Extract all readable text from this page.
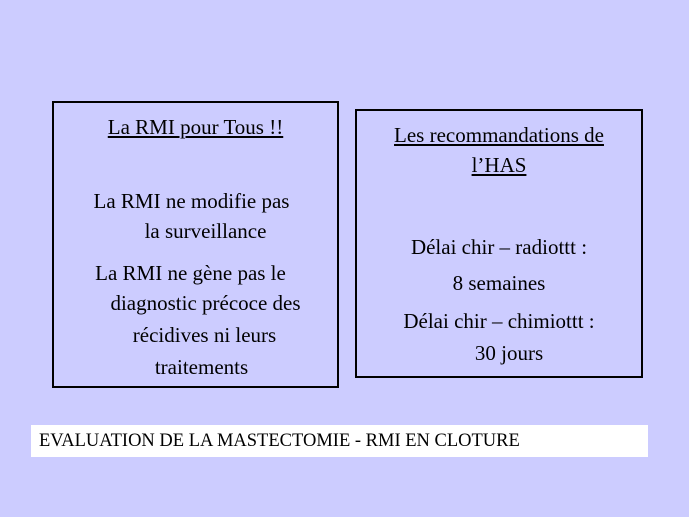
La RMI pour Tous !!
La RMI ne modifie pas
la surveillance
La RMI ne gène pas le
diagnostic précoce des
récidives ni leurs
traitements
Les recommandations de
l’HAS
Délai chir – radiottt :
8 semaines
Délai chir – chimiottt :
30 jours
EVALUATION DE LA MASTECTOMIE - RMI EN CLOTURE
